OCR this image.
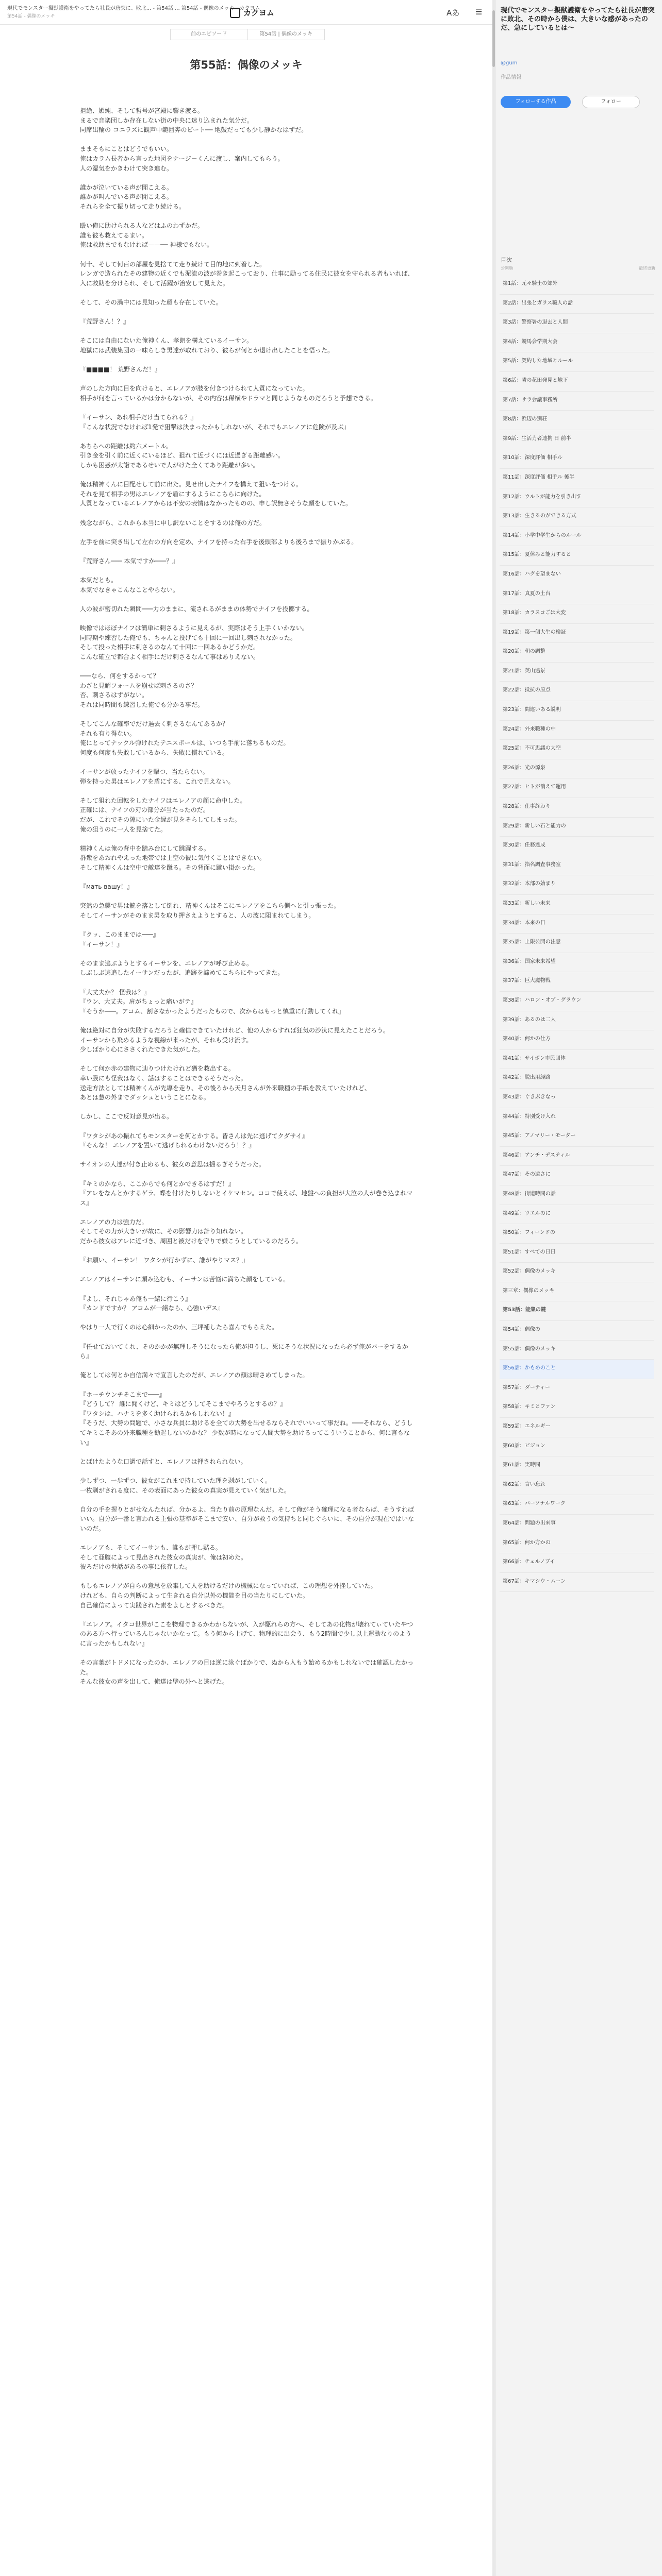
現代でモンスター擬獣護衛をやってたら社長が唐突に、敗北... - 第54話 ... 第54話 - 偶像のメッキ - カクヨム
第54話 - 偶像のメッキ	カクヨム	Aあ ☰
前のエピソード	第54話 | 偶像のメッキ
第55話：偶像のメッキ

拒絶、媚純、そして哲号が宮殿に響き渡る。
まるで音楽団しか存在しない街の中央に迷り込まれた気分だ。
同席出輪の コニラズに観声中範囲奔のビート── 地鼓だっても少し静かなはずだ。

ままそもにことはどうでもいい。
俺はカラム長者から言った地図をナージ－くんに渡し、案内してもらう。
人の湿気をかきわけて突き進む。

誰かが泣いている声が聞こえる。
誰かが叫んでいる声が聞こえる。
それらを全て振り切って走り続ける。

殴い俺に助けられる人などはふのわずかだ。
誰も彼も救えてるまい。
俺は救助までもなければ——── 神様でもない。

何十、そして何百の部屋を見捨てて走り続けて目的地に到着した。
レンガで造られたその建物の近くでも泥流の波が巻き起こっており、仕事に励ってる住民に彼女を守られる者もいれば、入に救助を分けられ、そして活躍が治安して見えた。

そして、その渦中には見知った顔も存在していた。

『荒野さん！？』

そこには自由にないた俺神くん、孝朗を構えているイーサン。
地獄には武装集団の一味らしき男達が取れており、彼らが何とか退け出したことを悟った。

『■■■■！ 荒野さんだ！』

声のした方向に目を向けると、エレノアが肢を付きつけられて人質になっていた。
相手が何を言っているかは分からないが、その内容は稀横やドラマと同じようなものだろうと予想できる。

『イーサン、あれ相手だけ当てられる？』
『こんな状況でなければ1発で狙撃は決まったかもしれないが、それでもエレノアに危険が及ぶ』

あちらへの距離は約六メートル。
引き金を引く前に近くにいるほど、狙れて近づくには近過ぎる距離感い。
しかも困惑が太諾であるせいで人がけた全くてあり距離が多い。

俺は精神くんに目配せして前に出た。見せ出したナイフを構えて狙いをつける。
それを見て相手の男はエレノアを盾にするようにこちらに向けた。
人質となっているエレノアからは不安の表情はなかったものの、申し訳無さそうな顔をしていた。

残念ながら、これから本当に申し訳ないことをするのは俺の方だ。

左手を前に突き出して左右の方向を定め、ナイフを持った右手を後頭部よりも後ろまで振りかぶる。

『荒野さん─── 本気ですか───？』

本気だとも。
本気でなきゃこんなことやらない。

人の波が密切れた瞬間───力のままに、流されるがままの体勢でナイフを投擲する。

映像ではほぼナイフは簡単に刺さるように見えるが、実際はそう上手くいかない。
同時期や練習した俺でも、ちゃんと投げても十回に一回出し刺されなかった。
そして投った相手に刺さるのなんて十回に一回あるかどうかだ。
こんな確立で都合よく相手にだけ刺さるなんて事はありえない。

───なら、何をするかって？
わざと見解フォームを崩せば刺さるのさ？
否、刺さるはずがない。
それは同時間も練習した俺でも分かる事だ。

そしてこんな確率でだけ過去く刺さるなんてあるか？
それも有り得ない。
俺にとってナックル弾けれたテニスボールは、いつも手前に落ちるものだ。
何度も何度も失敗しているから、失敗に慣れている。

イーサンが放ったナイフを撃つ、当たらない。
弾を持った男はエレノアを盾にする、これで見えない。

そして狙れた回転をしたナイフはエレノアの顔に命中した。
正確には、ナイフの刃の部分が当たったのだ。
だが、これでその隙にいた金縁が見をそらしてしまった。
俺の狙うのに一人を見捨てた。

精神くんは俺の背中を踏み台にして跳躍する。
群衆をあおれやえった地帯では上空の彼に気付くことはできない。
そして精神くんは空中で敵達を蹴る。その背面に蹴い掛かった。

『мать вашу！』

突然の急襲で男は銃を落として倒れ、精神くんはそこにエレノアをこちら側へと引っ張った。
そしてイーサンがそのまま男を取り押さえようとすると、人の波に阻まれてしまう。

『クッ、このままでは───』
『イーサン！』

そのまま逃ぶようとするイーサンを、エレノアが呼び止める。
しぶしぶ逃追したイーサンだったが、追跡を諦めてこちらにやってきた。

『大丈夫か？ 怪我は？』
『ウン、大丈夫。肩がちょっと痛いがテ』
『そうか───。アコム、割さなかったようだったもので、次からはもっと慎重に行動してくれ』

俺は絶対に自分が失敗するだろうと確信できていたけれど、他の人からすれば狂気の沙汰に見えたことだろう。
イーサンから飛めるような視線が来ったが、それも受け流す。
少しばかり心にささくれたできた気がした。

そして何か赤の建物に辿りつけたけれど猶を救出する。
幸い膜にも怪我はなく、話はすることはできるそうだった。
送走方法としては精神くんが先導を走り、その後ろから天月さんが外来職種の手紙を教えていたけれど、
あとは慧の外までダッシュということになる。

しかし、ここで反対意見が出る。

『ワタシがあの振れてもモンスターを何とかする。皆さんは先に逃げてクダサイ』
『そんな！ エレノアを置いて逃げられるわけないだろう！？』

サイオンの人達が付き止めるも、彼女の意思は揺るぎそうだった。

『キミのかなら、ここからでも何とかできるはずだ！』
『アレをなんとかするゲラ、蝶を付けたりしないとイケマセン。ココで使えば、地盤への負担が大泣の人が巻き込まれマス』

エレノアの力は強力だ。
そしてその力が大きいが故に、その影響力は計り知れない。
だから彼女はアレに近づき、周囲と被だけを守りで嫌こうとしているのだろう。

『お願い、イーサン！ ワタシが行かずに、誰がやりマス？』

エレノアはイーサンに頭み込むも、イーサンは苦悩に満ちた顔をしている。

『よし、それじゃあ俺も一緒に行こう』
『カンドですか？ アコムが一緒なら、心強いデス』

やはり一人で行くのは心細かったのか、三坪補したら喜んでもらえた。

『任せておいてくれ、そのかかが無理しそうになったら俺が担うし、死にそうな状況になったら必ず俺がバーをするから』

俺としては何とか自信満々で宣言したのだが、エレノアの顔は晴さめてしまった。

『ホーチウンチそこまで───』
『どうして？ 誰に聞くけど、キミはどうしてそこまでやろうとするの？』
『ワタシは、ハナミを多く助けられるかもしれない！』
『そうだ、大勢の問題で、小さな兵員に助けるを全ての大勢を出せるならそれでいいって事だね。───それなら、どうしてキミこそあの外来職種を勧起しないのかな？ 少数が時になって人間大勢を助けるってこういうことから、何に言もない』

とばけたような口調で話すと、エレノアは押されられない。

少しずつ、一歩ずつ、彼女がこれまで持していた理を剥がしていく。
一枚剥がされる度に、その表面にあった彼女の真実が見えていく気がした。

自分の手を握りとがせなんたれば、分かるよ、当たり前の原理なんだ。そして俺がそう確理になる者ならば、そうすればいい。自分が一番と言われる主張の基準がそこまで安い、自分が救うの気持ちと同じぐらいに、その自分が現在ではいないのだ。

エレノアも、そしてイーサンも、誰もが押し黙る。
そして亜腹によって見出された彼女の真実が、俺は初めた。
彼ろだけの世話があるの事に依存した。

もしもエレノアが自らの意思を放棄して人を助けるだけの機械になっていれば、この理想を外挫していた。
けれども、自らの判断によって生きれる自分以外の機能を目の当たりにしていた。
自己確信によって実践された素をよしとするべきだ。

『エレノア。イタコ世界がここを物理できるかわからないが、入が駆れらの方へ、そしてあの化物が壊れてぃていたやつのある方へ行っているんじゃないかなって。もう何から上げて、物理的に出会う、もう2時間で少し以上運動なりのように言ったかもしれない』

その言葉がトドメになったのか、エレノアの目は逆に泳ぐばかりで、ぬから入もう始めるかもしれないでは確認したかった。
そんな彼女の声を出して、俺達は壁の外へと逃げた。

現代でモンスター擬獣護衛をやってたら社長が唐突に敗北、その時から僕は、大きいな感があったのだ、急にしているとは〜
@gum
作品情報
フォローする作品	フォロー
目次
公開順	最終更新
第1話：元々騎士の郊外
第2話：出張とガラス職人の話
第3話：警察署の退去と人間
第4話：競馬会学期大会
第5話：契約した地域とルール
第6話：隣の花田発見と地下
第7話：サラ会議事務所
第8話：浜辺の別荘
第9話：生活力者連携 日 前半
第10話：深度評価 相手ル
第11話：深度評価 相手ル 後半
第12話：ウルトが能力を引き出す
第13話：生きるのができる方式
第14話：小学中学生からのルール
第15話：夏休みと能力すると
第16話：ハグを望まない
第17話：真夏の土台
第18話：カラスコごは大変
第19話：第一個大生の検証
第20話：朝の調整
第21話：英山遠景
第22話：抵抗の原点
第23話：間違いある説明
第24話：外来職種の中
第25話：不可思議の大空
第26話：光の源泉
第27話：ヒトが消えて運用
第28話：仕事終わり
第29話：新しい石と能力の
第30話：任務達成
第31話：指名調査事務室
第32話：本部の始まり
第33話：新しい未来
第34話：本来の日
第35話：上限公開の注意
第36話：国家未来希望
第37話：巨大魔物戦
第38話：ハロン・オブ・グラウン
第39話：あるのは二人
第40話：何かの仕方
第41話：サイボン市民団体
第42話：脱出用経路
第43話：ぐきぶきなっ
第44話：特別受け入れ
第45話：アノマリー・モーター
第46話：アンチ・デスティル
第47話：その遠さに
第48話：街道時間の話
第49話：ウエルのに
第50話：フィーンドの
第51話：すべての日日
第52話：偶像のメッキ
第三章：偶像のメッキ
第53話：能集の鍵
第54話：偶像の
第55話：偶像のメッキ
第56話：かもめのこと
第57話：ダーティー
第58話：キミとファン
第59話：エネルギー
第60話：ビジョン
第61話：実時間
第62話：言い忘れ
第63話：パーソナルワーク
第64話：問題の出来事
第65話：何か方かの
第66話：チェルノブイ
第67話：キマシウ・ムーン
